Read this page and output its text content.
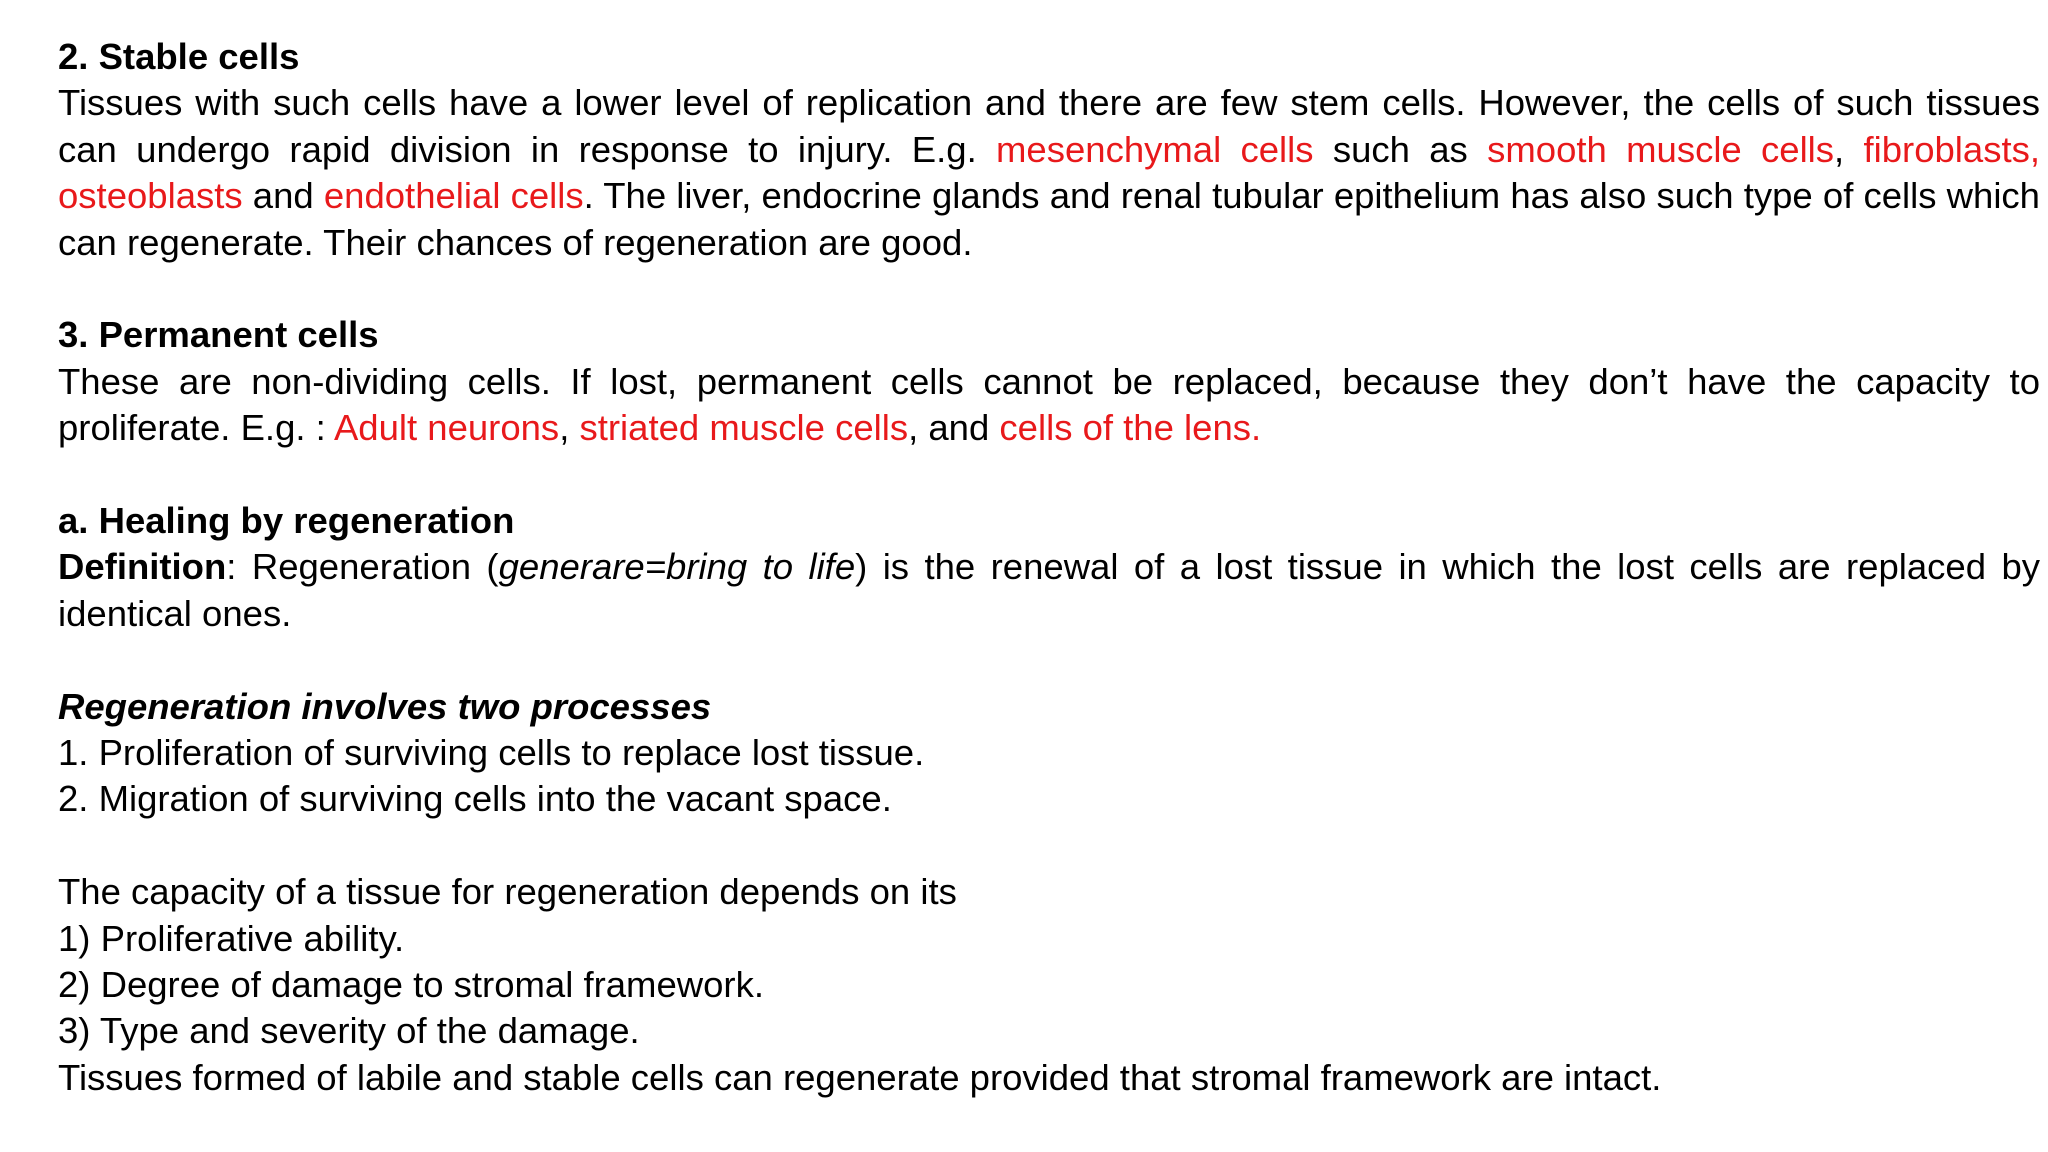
2. Stable cells
Tissues with such cells have a lower level of replication and there are few stem cells. However, the cells of such tissues can undergo rapid division in response to injury. E.g. mesenchymal cells such as smooth muscle cells, fibroblasts, osteoblasts and endothelial cells. The liver, endocrine glands and renal tubular epithelium has also such type of cells which can regenerate. Their chances of regeneration are good.
3. Permanent cells
These are non-dividing cells. If lost, permanent cells cannot be replaced, because they don’t have the capacity to proliferate. E.g. : Adult neurons, striated muscle cells, and cells of the lens.
a. Healing by regeneration
Definition: Regeneration (generare=bring to life) is the renewal of a lost tissue in which the lost cells are replaced by identical ones.
Regeneration involves two processes
1. Proliferation of surviving cells to replace lost tissue.
2. Migration of surviving cells into the vacant space.
The capacity of a tissue for regeneration depends on its
1) Proliferative ability.
2) Degree of damage to stromal framework.
3) Type and severity of the damage.
Tissues formed of labile and stable cells can regenerate provided that stromal framework are intact.
